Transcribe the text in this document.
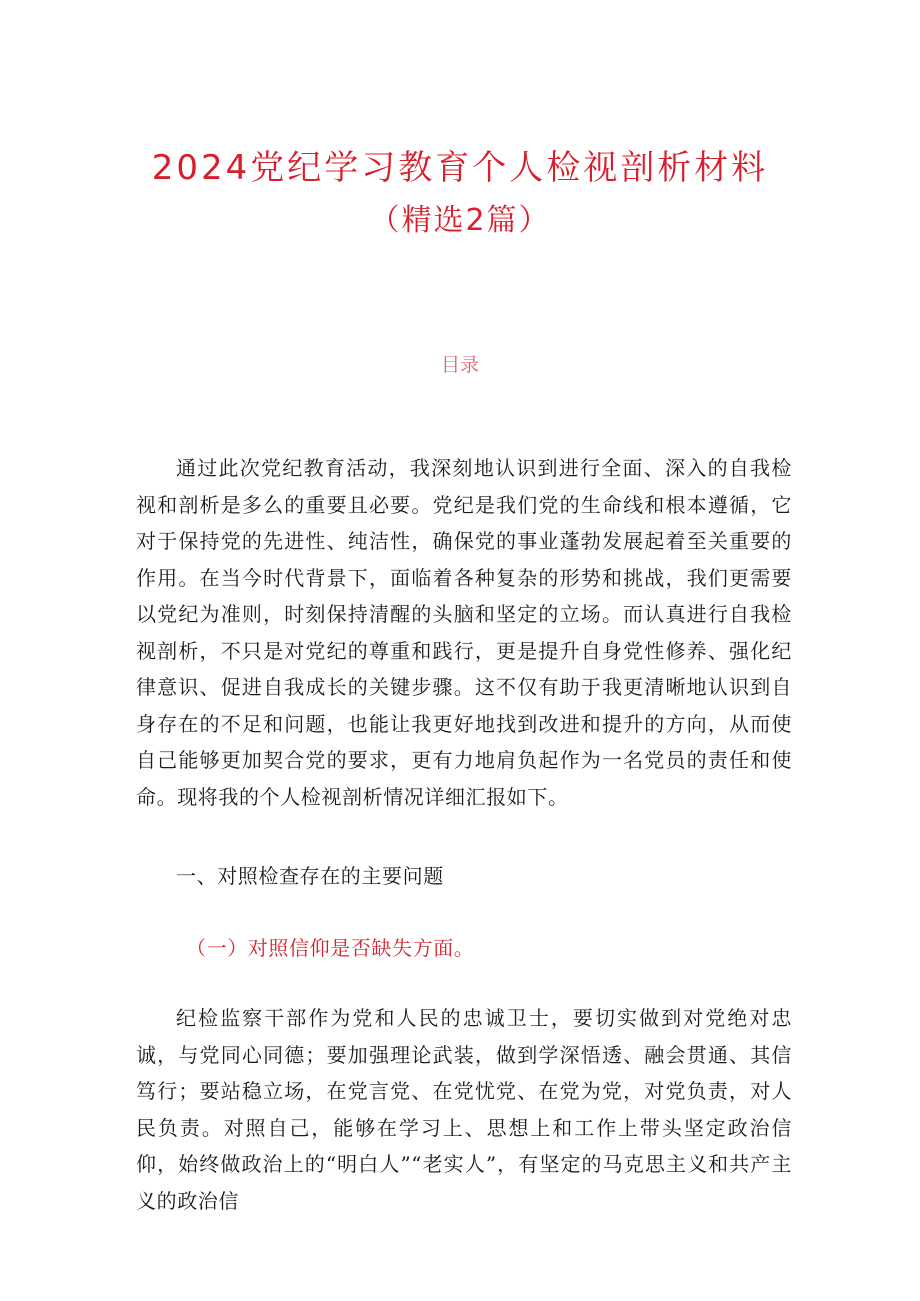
2024党纪学习教育个人检视剖析材料
（精选2篇）
目录

通过此次党纪教育活动，我深刻地认识到进行全面、深入的自我检视和剖析是多么的重要且必要。党纪是我们党的生命线和根本遵循，它对于保持党的先进性、纯洁性，确保党的事业蓬勃发展起着至关重要的作用。在当今时代背景下，面临着各种复杂的形势和挑战，我们更需要以党纪为准则，时刻保持清醒的头脑和坚定的立场。而认真进行自我检视剖析，不只是对党纪的尊重和践行，更是提升自身党性修养、强化纪律意识、促进自我成长的关键步骤。这不仅有助于我更清晰地认识到自身存在的不足和问题，也能让我更好地找到改进和提升的方向，从而使自己能够更加契合党的要求，更有力地肩负起作为一名党员的责任和使命。现将我的个人检视剖析情况详细汇报如下。

一、对照检查存在的主要问题

（一）对照信仰是否缺失方面。

纪检监察干部作为党和人民的忠诚卫士，要切实做到对党绝对忠诚，与党同心同德；要加强理论武装，做到学深悟透、融会贯通、其信笃行；要站稳立场，在党言党、在党忧党、在党为党，对党负责，对人民负责。对照自己，能够在学习上、思想上和工作上带头坚定政治信仰，始终做政治上的“明白人”“老实人”，有坚定的马克思主义和共产主义的政治信
